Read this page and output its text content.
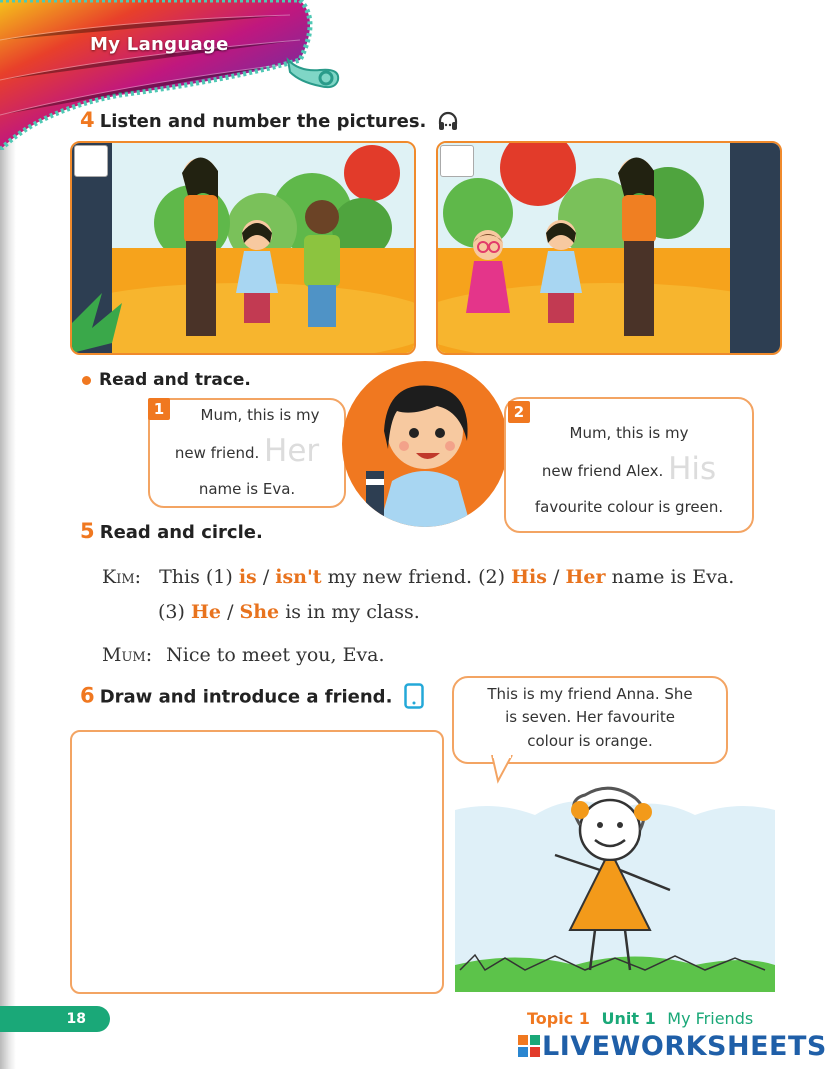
My Language
4 Listen and number the pictures.
Read and trace.
1	Mum, this is my
new friend. Her
name is Eva.
2
Mum, this is my
new friend Alex. His
favourite colour is green.
5 Read and circle.
Kim: This (1) is / isn't my new friend. (2) His / Her name is Eva.
(3) He / She is in my class.
Mum: Nice to meet you, Eva.
6 Draw and introduce a friend.	This is my friend Anna. She
is seven. Her favourite
colour is orange.
18	Topic 1 Unit 1 My Friends
LIVEWORKSHEETS
